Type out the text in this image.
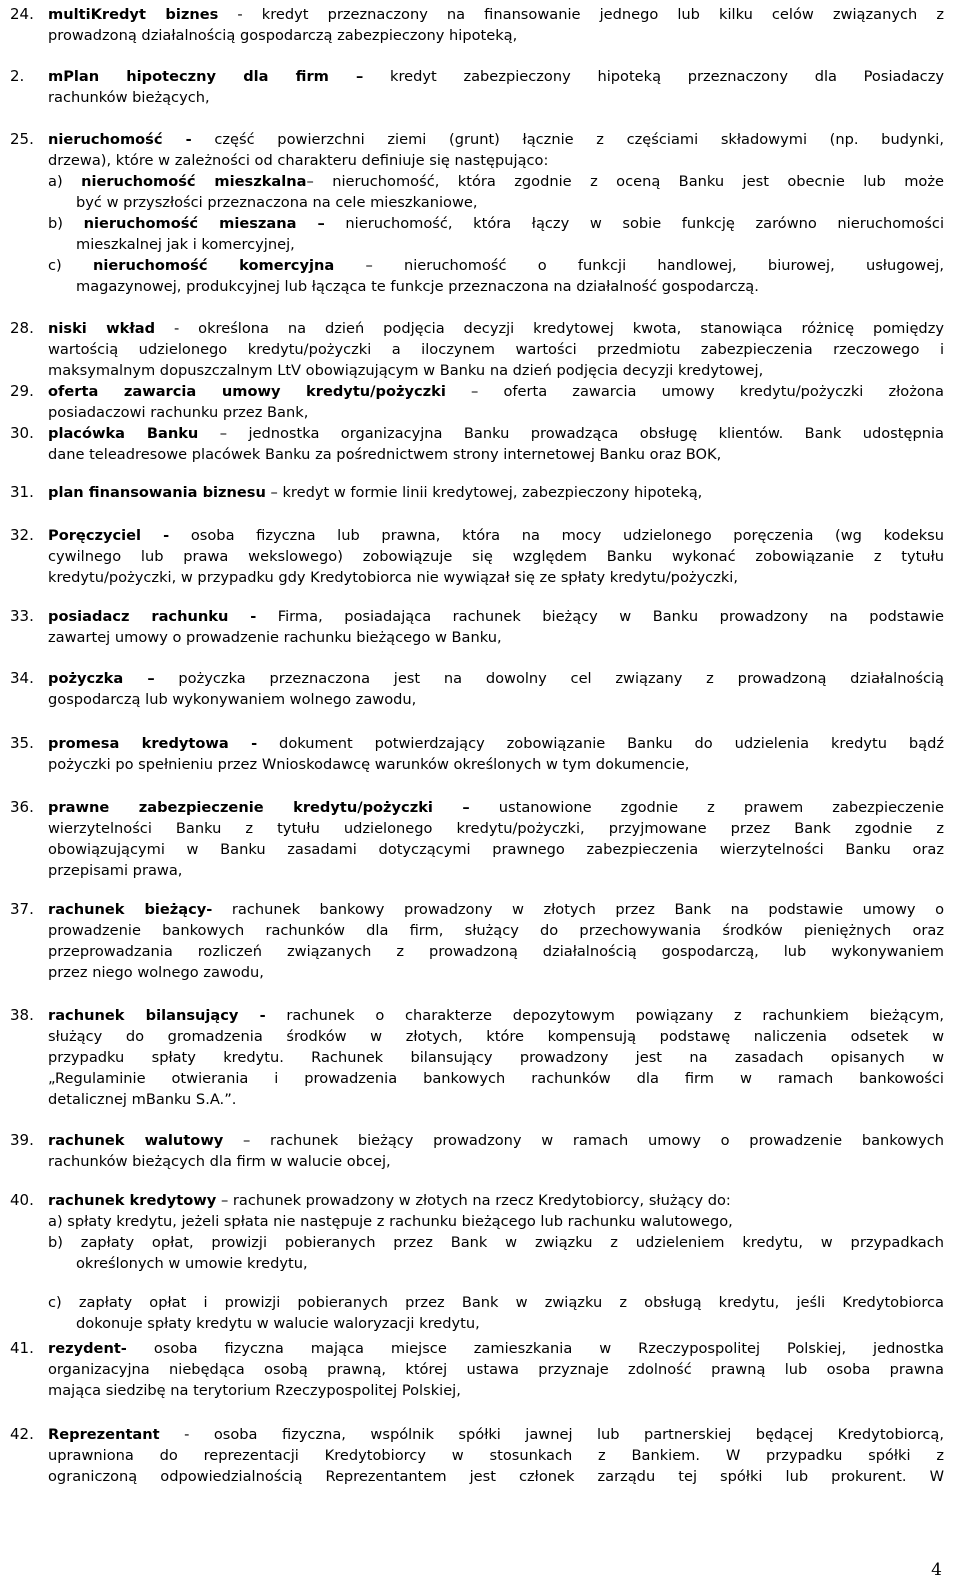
24. multiKredyt biznes - kredyt przeznaczony na finansowanie jednego lub kilku celów związanych z
prowadzoną działalnością gospodarczą zabezpieczony hipoteką,
2. mPlan hipoteczny dla firm – kredyt zabezpieczony hipoteką przeznaczony dla Posiadaczy
rachunków bieżących,
25. nieruchomość - część powierzchni ziemi (grunt) łącznie z częściami składowymi (np. budynki,
drzewa), które w zależności od charakteru definiuje się następująco:
a) nieruchomość mieszkalna– nieruchomość, która zgodnie z oceną Banku jest obecnie lub może
być w przyszłości przeznaczona na cele mieszkaniowe,
b) nieruchomość mieszana – nieruchomość, która łączy w sobie funkcję zarówno nieruchomości
mieszkalnej jak i komercyjnej,
c) nieruchomość komercyjna – nieruchomość o funkcji handlowej, biurowej, usługowej,
magazynowej, produkcyjnej lub łącząca te funkcje przeznaczona na działalność gospodarczą.
28. niski wkład - określona na dzień podjęcia decyzji kredytowej kwota, stanowiąca różnicę pomiędzy
wartością udzielonego kredytu/pożyczki a iloczynem wartości przedmiotu zabezpieczenia rzeczowego i
maksymalnym dopuszczalnym LtV obowiązującym w Banku na dzień podjęcia decyzji kredytowej,
29. oferta zawarcia umowy kredytu/pożyczki – oferta zawarcia umowy kredytu/pożyczki złożona
posiadaczowi rachunku przez Bank,
30. placówka Banku – jednostka organizacyjna Banku prowadząca obsługę klientów. Bank udostępnia
dane teleadresowe placówek Banku za pośrednictwem strony internetowej Banku oraz BOK,
31. plan finansowania biznesu – kredyt w formie linii kredytowej, zabezpieczony hipoteką,
32. Poręczyciel - osoba fizyczna lub prawna, która na mocy udzielonego poręczenia (wg kodeksu
cywilnego lub prawa wekslowego) zobowiązuje się względem Banku wykonać zobowiązanie z tytułu
kredytu/pożyczki, w przypadku gdy Kredytobiorca nie wywiązał się ze spłaty kredytu/pożyczki,
33. posiadacz rachunku - Firma, posiadająca rachunek bieżący w Banku prowadzony na podstawie
zawartej umowy o prowadzenie rachunku bieżącego w Banku,
34. pożyczka – pożyczka przeznaczona jest na dowolny cel związany z prowadzoną działalnością
gospodarczą lub wykonywaniem wolnego zawodu,
35. promesa kredytowa - dokument potwierdzający zobowiązanie Banku do udzielenia kredytu bądź
pożyczki po spełnieniu przez Wnioskodawcę warunków określonych w tym dokumencie,
36. prawne zabezpieczenie kredytu/pożyczki – ustanowione zgodnie z prawem zabezpieczenie
wierzytelności Banku z tytułu udzielonego kredytu/pożyczki, przyjmowane przez Bank zgodnie z
obowiązującymi w Banku zasadami dotyczącymi prawnego zabezpieczenia wierzytelności Banku oraz
przepisami prawa,
37. rachunek bieżący- rachunek bankowy prowadzony w złotych przez Bank na podstawie umowy o
prowadzenie bankowych rachunków dla firm, służący do przechowywania środków pieniężnych oraz
przeprowadzania rozliczeń związanych z prowadzoną działalnością gospodarczą, lub wykonywaniem
przez niego wolnego zawodu,
38. rachunek bilansujący - rachunek o charakterze depozytowym powiązany z rachunkiem bieżącym,
służący do gromadzenia środków w złotych, które kompensują podstawę naliczenia odsetek w
przypadku spłaty kredytu. Rachunek bilansujący prowadzony jest na zasadach opisanych w
„Regulaminie otwierania i prowadzenia bankowych rachunków dla firm w ramach bankowości
detalicznej mBanku S.A.”.
39. rachunek walutowy – rachunek bieżący prowadzony w ramach umowy o prowadzenie bankowych
rachunków bieżących dla firm w walucie obcej,
40. rachunek kredytowy – rachunek prowadzony w złotych na rzecz Kredytobiorcy, służący do:
a) spłaty kredytu, jeżeli spłata nie następuje z rachunku bieżącego lub rachunku walutowego,
b) zapłaty opłat, prowizji pobieranych przez Bank w związku z udzieleniem kredytu, w przypadkach
określonych w umowie kredytu,
c) zapłaty opłat i prowizji pobieranych przez Bank w związku z obsługą kredytu, jeśli Kredytobiorca
dokonuje spłaty kredytu w walucie waloryzacji kredytu,
41. rezydent- osoba fizyczna mająca miejsce zamieszkania w Rzeczypospolitej Polskiej, jednostka
organizacyjna niebędąca osobą prawną, której ustawa przyznaje zdolność prawną lub osoba prawna
mająca siedzibę na terytorium Rzeczypospolitej Polskiej,
42. Reprezentant - osoba fizyczna, wspólnik spółki jawnej lub partnerskiej będącej Kredytobiorcą,
uprawniona do reprezentacji Kredytobiorcy w stosunkach z Bankiem. W przypadku spółki z
ograniczoną odpowiedzialnością Reprezentantem jest członek zarządu tej spółki lub prokurent. W
4
